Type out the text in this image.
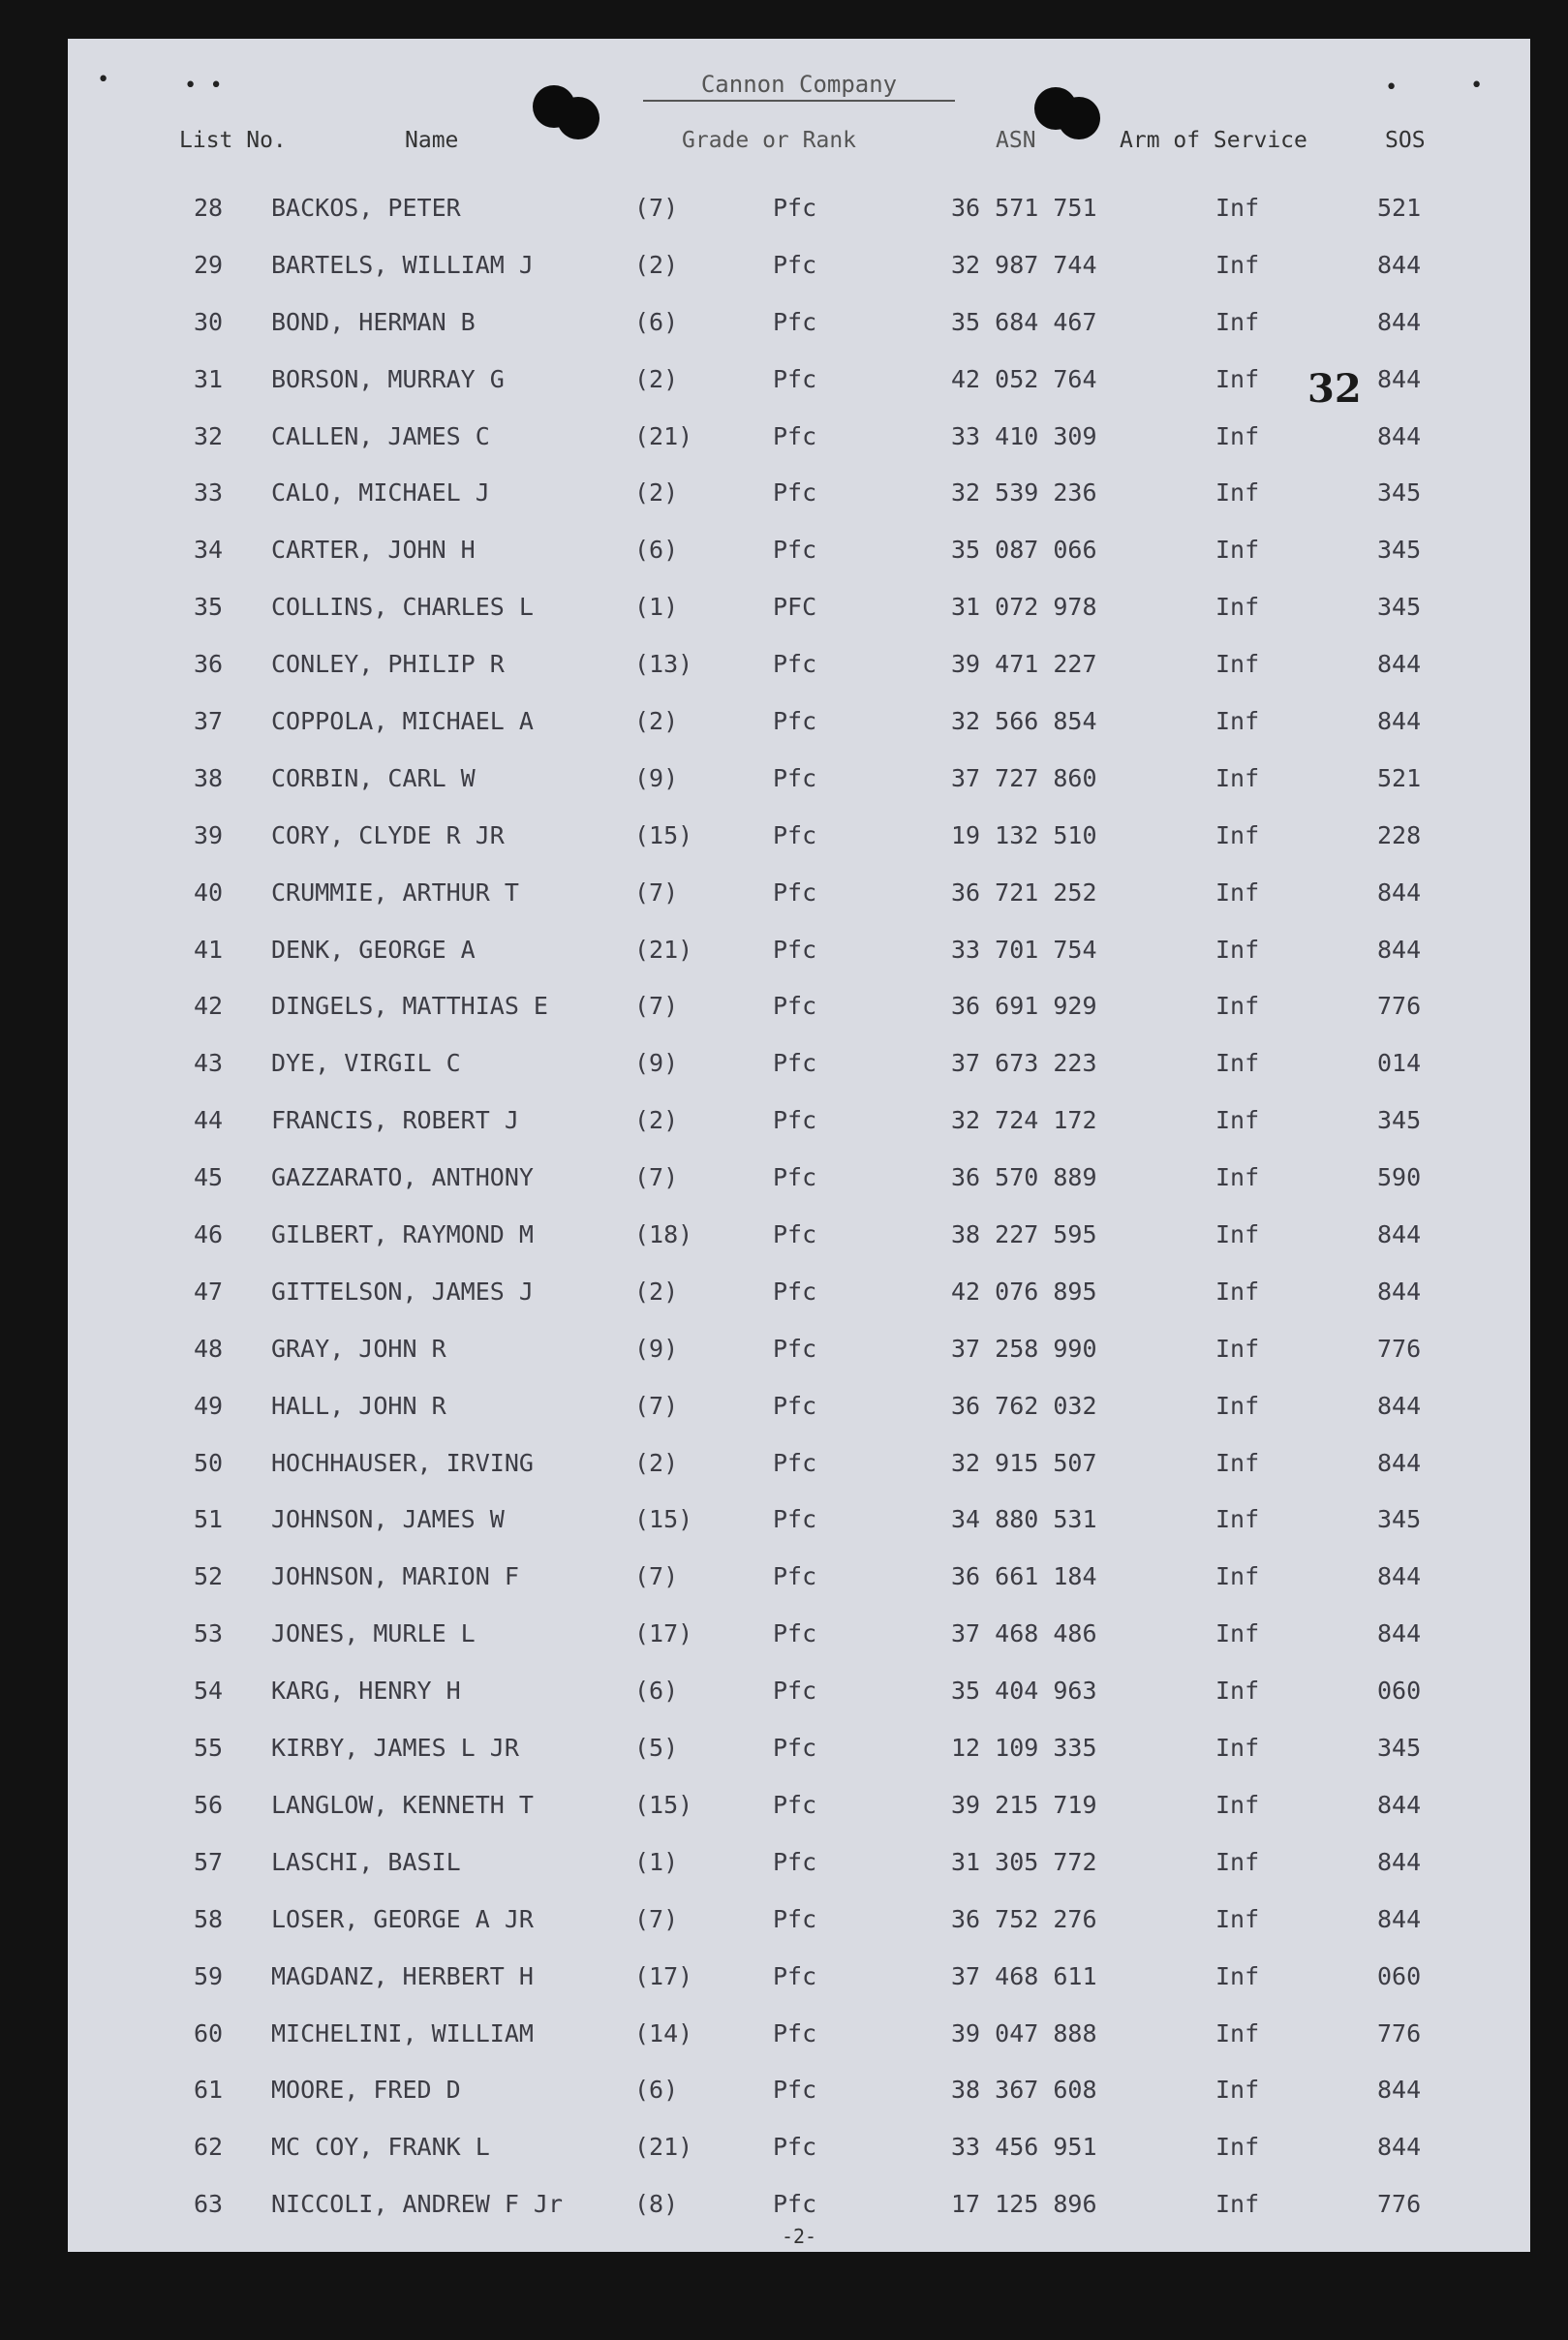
•	• •	•	•
Cannon Company
List No.	Name	Grade or Rank	ASN	Arm of Service	SOS
32
28 BACKOS, PETER	(7)	Pfc	36 571 751	Inf	521
29 BARTELS, WILLIAM J	(2)	Pfc	32 987 744	Inf	844
30 BOND, HERMAN B	(6)	Pfc	35 684 467	Inf	844
31 BORSON, MURRAY G	(2)	Pfc	42 052 764	Inf	844
32 CALLEN, JAMES C	(21)	Pfc	33 410 309	Inf	844
33 CALO, MICHAEL J	(2)	Pfc	32 539 236	Inf	345
34 CARTER, JOHN H	(6)	Pfc	35 087 066	Inf	345
35 COLLINS, CHARLES L	(1)	PFC	31 072 978	Inf	345
36 CONLEY, PHILIP R	(13)	Pfc	39 471 227	Inf	844
37 COPPOLA, MICHAEL A	(2)	Pfc	32 566 854	Inf	844
38 CORBIN, CARL W	(9)	Pfc	37 727 860	Inf	521
39 CORY, CLYDE R JR	(15)	Pfc	19 132 510	Inf	228
40 CRUMMIE, ARTHUR T	(7)	Pfc	36 721 252	Inf	844
41 DENK, GEORGE A	(21)	Pfc	33 701 754	Inf	844
42 DINGELS, MATTHIAS E	(7)	Pfc	36 691 929	Inf	776
43 DYE, VIRGIL C	(9)	Pfc	37 673 223	Inf	014
44 FRANCIS, ROBERT J	(2)	Pfc	32 724 172	Inf	345
45 GAZZARATO, ANTHONY	(7)	Pfc	36 570 889	Inf	590
46 GILBERT, RAYMOND M	(18)	Pfc	38 227 595	Inf	844
47 GITTELSON, JAMES J	(2)	Pfc	42 076 895	Inf	844
48 GRAY, JOHN R	(9)	Pfc	37 258 990	Inf	776
49 HALL, JOHN R	(7)	Pfc	36 762 032	Inf	844
50 HOCHHAUSER, IRVING	(2)	Pfc	32 915 507	Inf	844
51 JOHNSON, JAMES W	(15)	Pfc	34 880 531	Inf	345
52 JOHNSON, MARION F	(7)	Pfc	36 661 184	Inf	844
53 JONES, MURLE L	(17)	Pfc	37 468 486	Inf	844
54 KARG, HENRY H	(6)	Pfc	35 404 963	Inf	060
55 KIRBY, JAMES L JR	(5)	Pfc	12 109 335	Inf	345
56 LANGLOW, KENNETH T	(15)	Pfc	39 215 719	Inf	844
57 LASCHI, BASIL	(1)	Pfc	31 305 772	Inf	844
58 LOSER, GEORGE A JR	(7)	Pfc	36 752 276	Inf	844
59 MAGDANZ, HERBERT H	(17)	Pfc	37 468 611	Inf	060
60 MICHELINI, WILLIAM	(14)	Pfc	39 047 888	Inf	776
61 MOORE, FRED D	(6)	Pfc	38 367 608	Inf	844
62 MC COY, FRANK L	(21)	Pfc	33 456 951	Inf	844
63 NICCOLI, ANDREW F Jr	(8)	Pfc	17 125 896	Inf	776
-2-
